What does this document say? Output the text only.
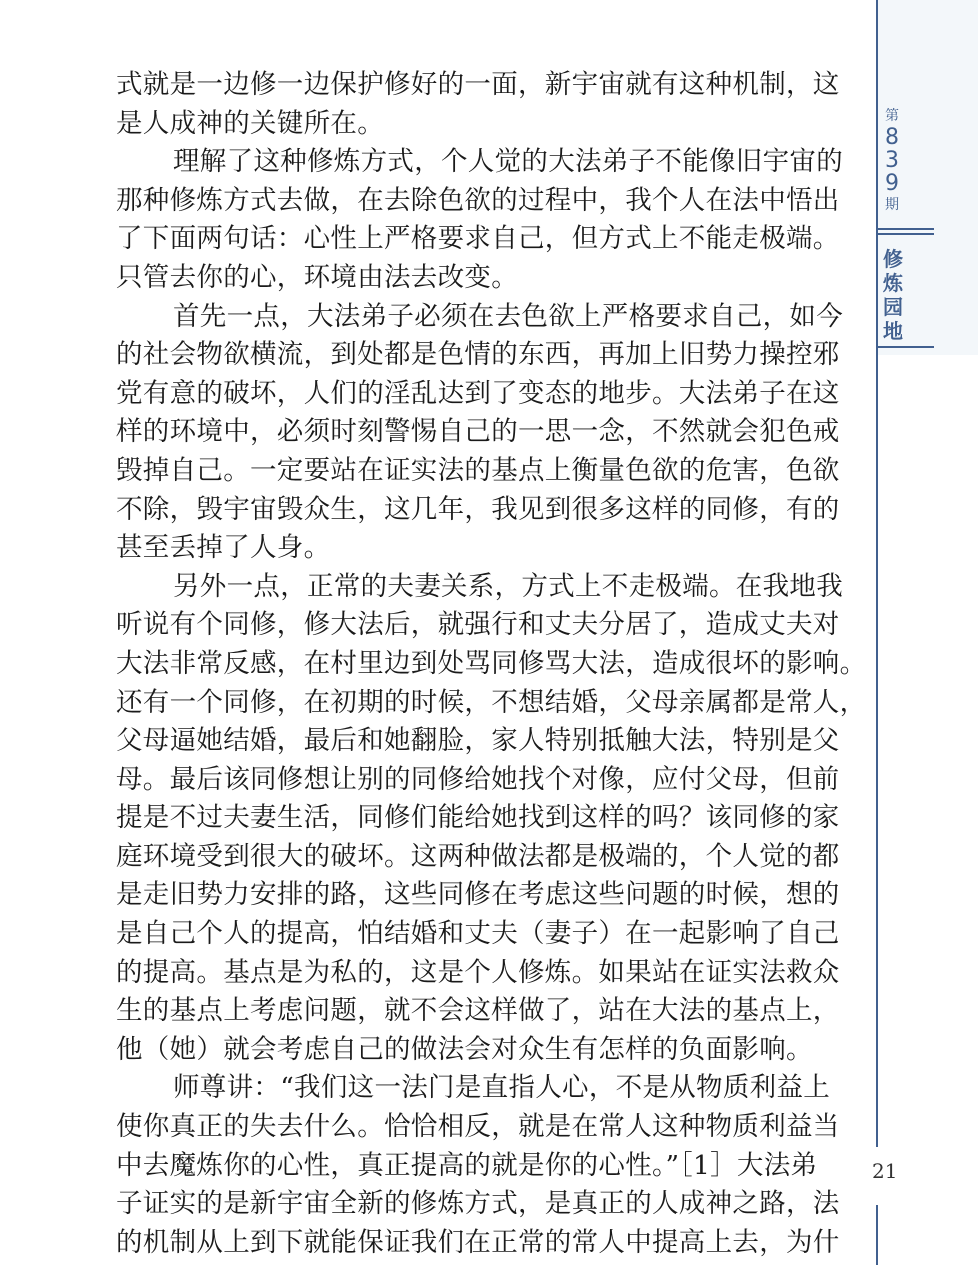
第
8
3
9
期
修
炼
园
地
式就是一边修一边保护修好的一面，新宇宙就有这种机制，这
是人成神的关键所在。
理解了这种修炼方式，个人觉的大法弟子不能像旧宇宙的
那种修炼方式去做，在去除色欲的过程中，我个人在法中悟出
了下面两句话：心性上严格要求自己，但方式上不能走极端。
只管去你的心，环境由法去改变。
首先一点，大法弟子必须在去色欲上严格要求自己，如今
的社会物欲横流，到处都是色情的东西，再加上旧势力操控邪
党有意的破坏，人们的淫乱达到了变态的地步。大法弟子在这
样的环境中，必须时刻警惕自己的一思一念，不然就会犯色戒
毁掉自己。一定要站在证实法的基点上衡量色欲的危害，色欲
不除，毁宇宙毁众生，这几年，我见到很多这样的同修，有的
甚至丢掉了人身。
另外一点，正常的夫妻关系，方式上不走极端。在我地我
听说有个同修，修大法后，就强行和丈夫分居了，造成丈夫对
大法非常反感，在村里边到处骂同修骂大法，造成很坏的影响。
还有一个同修，在初期的时候，不想结婚，父母亲属都是常人，
父母逼她结婚，最后和她翻脸，家人特别抵触大法，特别是父
母。最后该同修想让别的同修给她找个对像，应付父母，但前
提是不过夫妻生活，同修们能给她找到这样的吗？该同修的家
庭环境受到很大的破坏。这两种做法都是极端的，个人觉的都
是走旧势力安排的路，这些同修在考虑这些问题的时候，想的
是自己个人的提高，怕结婚和丈夫（妻子）在一起影响了自己
的提高。基点是为私的，这是个人修炼。如果站在证实法救众
生的基点上考虑问题，就不会这样做了，站在大法的基点上，
他（她）就会考虑自己的做法会对众生有怎样的负面影响。
师尊讲：“我们这一法门是直指人心，不是从物质利益上
使你真正的失去什么。恰恰相反，就是在常人这种物质利益当
中去魔炼你的心性，真正提高的就是你的心性。”［1］大法弟
子证实的是新宇宙全新的修炼方式，是真正的人成神之路，法
的机制从上到下就能保证我们在正常的常人中提高上去，为什
21
